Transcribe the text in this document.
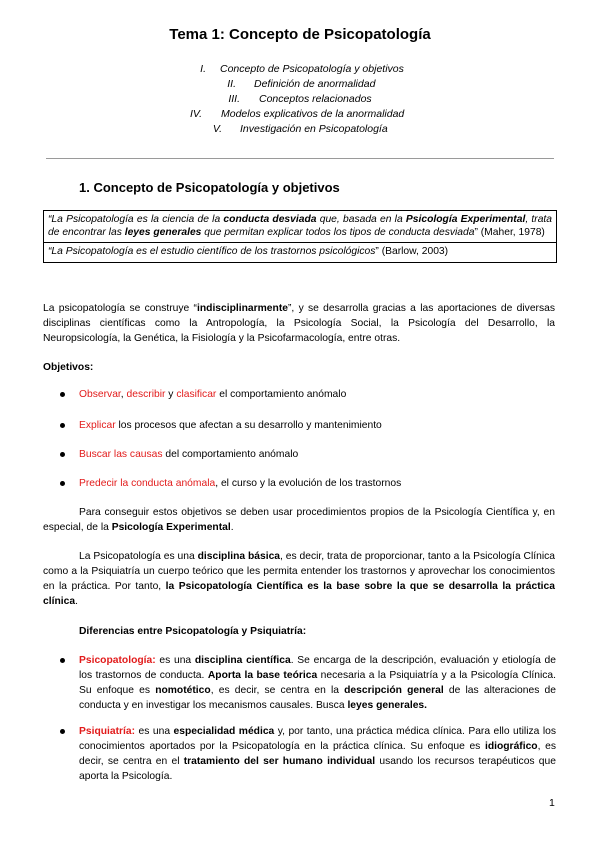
Tema 1: Concepto de Psicopatología
I. Concepto de Psicopatología y objetivos
II. Definición de anormalidad
III. Conceptos relacionados
IV. Modelos explicativos de la anormalidad
V. Investigación en Psicopatología
1. Concepto de Psicopatología y objetivos
“La Psicopatología es la ciencia de la conducta desviada que, basada en la Psicología Experimental, trata de encontrar las leyes generales que permitan explicar todos los tipos de conducta desviada” (Maher, 1978)
“La Psicopatología es el estudio científico de los trastornos psicológicos” (Barlow, 2003)
La psicopatología se construye “indisciplinarmente”, y se desarrolla gracias a las aportaciones de diversas disciplinas científicas como la Antropología, la Psicología Social, la Psicología del Desarrollo, la Neuropsicología, la Genética, la Fisiología y la Psicofarmacología, entre otras.
Objetivos:
Observar, describir y clasificar el comportamiento anómalo
Explicar los procesos que afectan a su desarrollo y mantenimiento
Buscar las causas del comportamiento anómalo
Predecir la conducta anómala, el curso y la evolución de los trastornos
Para conseguir estos objetivos se deben usar procedimientos propios de la Psicología Científica y, en especial, de la Psicología Experimental.
La Psicopatología es una disciplina básica, es decir, trata de proporcionar, tanto a la Psicología Clínica como a la Psiquiatría un cuerpo teórico que les permita entender los trastornos y aprovechar los conocimientos en la práctica. Por tanto, la Psicopatología Científica es la base sobre la que se desarrolla la práctica clínica.
Diferencias entre Psicopatología y Psiquiatría:
Psicopatología: es una disciplina científica. Se encarga de la descripción, evaluación y etiología de los trastornos de conducta. Aporta la base teórica necesaria a la Psiquiatría y a la Psicología Clínica. Su enfoque es nomotético, es decir, se centra en la descripción general de las alteraciones de conducta y en investigar los mecanismos causales. Busca leyes generales.
Psiquiatría: es una especialidad médica y, por tanto, una práctica médica clínica. Para ello utiliza los conocimientos aportados por la Psicopatología en la práctica clínica. Su enfoque es idiográfico, es decir, se centra en el tratamiento del ser humano individual usando los recursos terapéuticos que aporta la Psicología.
1
